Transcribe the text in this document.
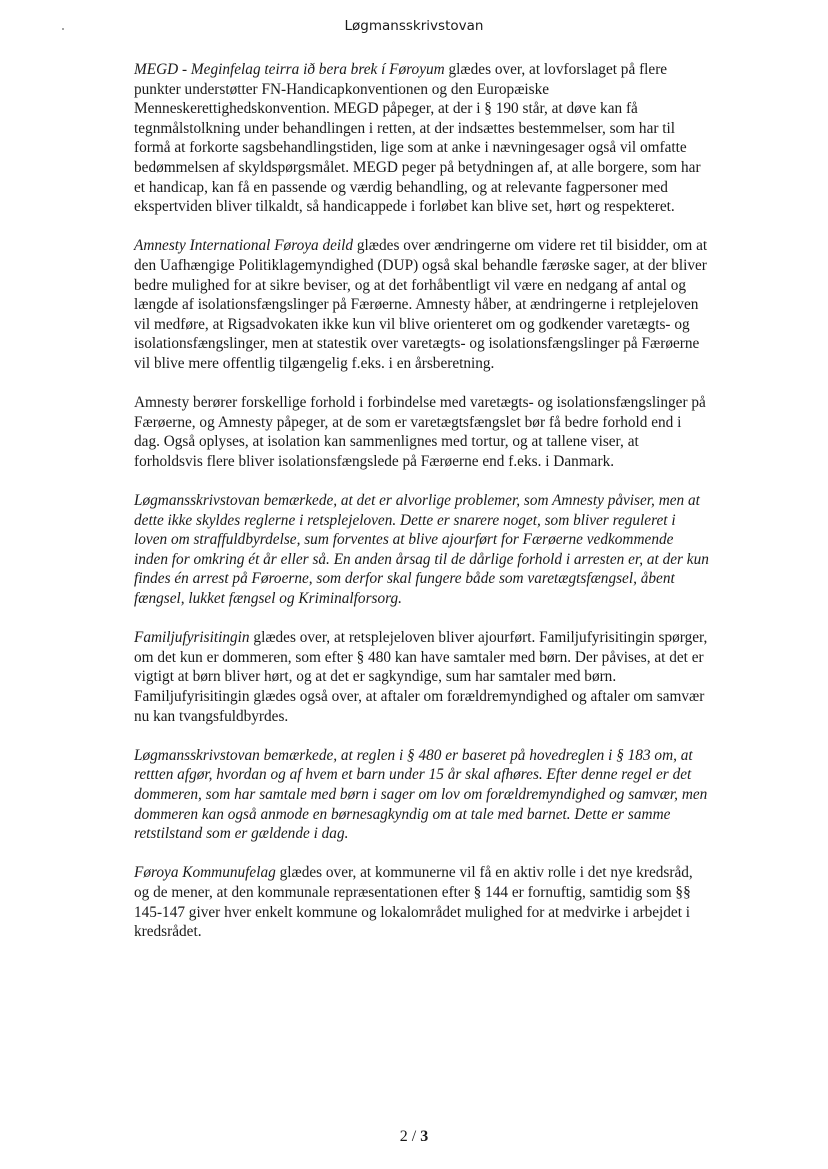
Løgmansskrivstovan

MEGD - Meginfelag teirra ið bera brek í Føroyum glædes over, at lovforslaget på flere punkter understøtter FN-Handicapkonventionen og den Europæiske Menneskerettighedskonvention. MEGD påpeger, at der i § 190 står, at døve kan få tegnmålstolkning under behandlingen i retten, at der indsættes bestemmelser, som har til formå at forkorte sagsbehandlingstiden, lige som at anke i nævningesager også vil omfatte bedømmelsen af skyldspørgsmålet. MEGD peger på betydningen af, at alle borgere, som har et handicap, kan få en passende og værdig behandling, og at relevante fagpersoner med ekspertviden bliver tilkaldt, så handicappede i forløbet kan blive set, hørt og respekteret.

Amnesty International Føroya deild glædes over ændringerne om videre ret til bisidder, om at den Uafhængige Politiklagemyndighed (DUP) også skal behandle færøske sager, at der bliver bedre mulighed for at sikre beviser, og at det forhåbentligt vil være en nedgang af antal og længde af isolationsfængslinger på Færøerne. Amnesty håber, at ændringerne i retplejeloven vil medføre, at Rigsadvokaten ikke kun vil blive orienteret om og godkender varetægts- og isolationsfængslinger, men at statestik over varetægts- og isolationsfængslinger på Færøerne vil blive mere offentlig tilgængelig f.eks. i en årsberetning.

Amnesty berører forskellige forhold i forbindelse med varetægts- og isolationsfængslinger på Færøerne, og Amnesty påpeger, at de som er varetægtsfængslet bør få bedre forhold end i dag. Også oplyses, at isolation kan sammenlignes med tortur, og at tallene viser, at forholdsvis flere bliver isolationsfængslede på Færøerne end f.eks. i Danmark.

Løgmansskrivstovan bemærkede, at det er alvorlige problemer, som Amnesty påviser, men at dette ikke skyldes reglerne i retsplejeloven. Dette er snarere noget, som bliver reguleret i loven om straffuldbyrdelse, sum forventes at blive ajourført for Færøerne vedkommende inden for omkring ét år eller så. En anden årsag til de dårlige forhold i arresten er, at der kun findes én arrest på Føroerne, som derfor skal fungere både som varetægtsfængsel, åbent fængsel, lukket fængsel og Kriminalforsorg.

Familjufyrisitingin glædes over, at retsplejeloven bliver ajourført. Familjufyrisitingin spørger, om det kun er dommeren, som efter § 480 kan have samtaler med børn. Der påvises, at det er vigtigt at børn bliver hørt, og at det er sagkyndige, sum har samtaler med børn. Familjufyrisitingin glædes også over, at aftaler om forældremyndighed og aftaler om samvær nu kan tvangsfuldbyrdes.

Løgmansskrivstovan bemærkede, at reglen i § 480 er baseret på hovedreglen i § 183 om, at rettten afgør, hvordan og af hvem et barn under 15 år skal afhøres. Efter denne regel er det dommeren, som har samtale med børn i sager om lov om forældremyndighed og samvær, men dommeren kan også anmode en børnesagkyndig om at tale med barnet. Dette er samme retstilstand som er gældende i dag.

Føroya Kommunufelag glædes over, at kommunerne vil få en aktiv rolle i det nye kredsråd, og de mener, at den kommunale repræsentationen efter § 144 er fornuftig, samtidig som §§ 145-147 giver hver enkelt kommune og lokalområdet mulighed for at medvirke i arbejdet i kredsrådet.

2 / 3
